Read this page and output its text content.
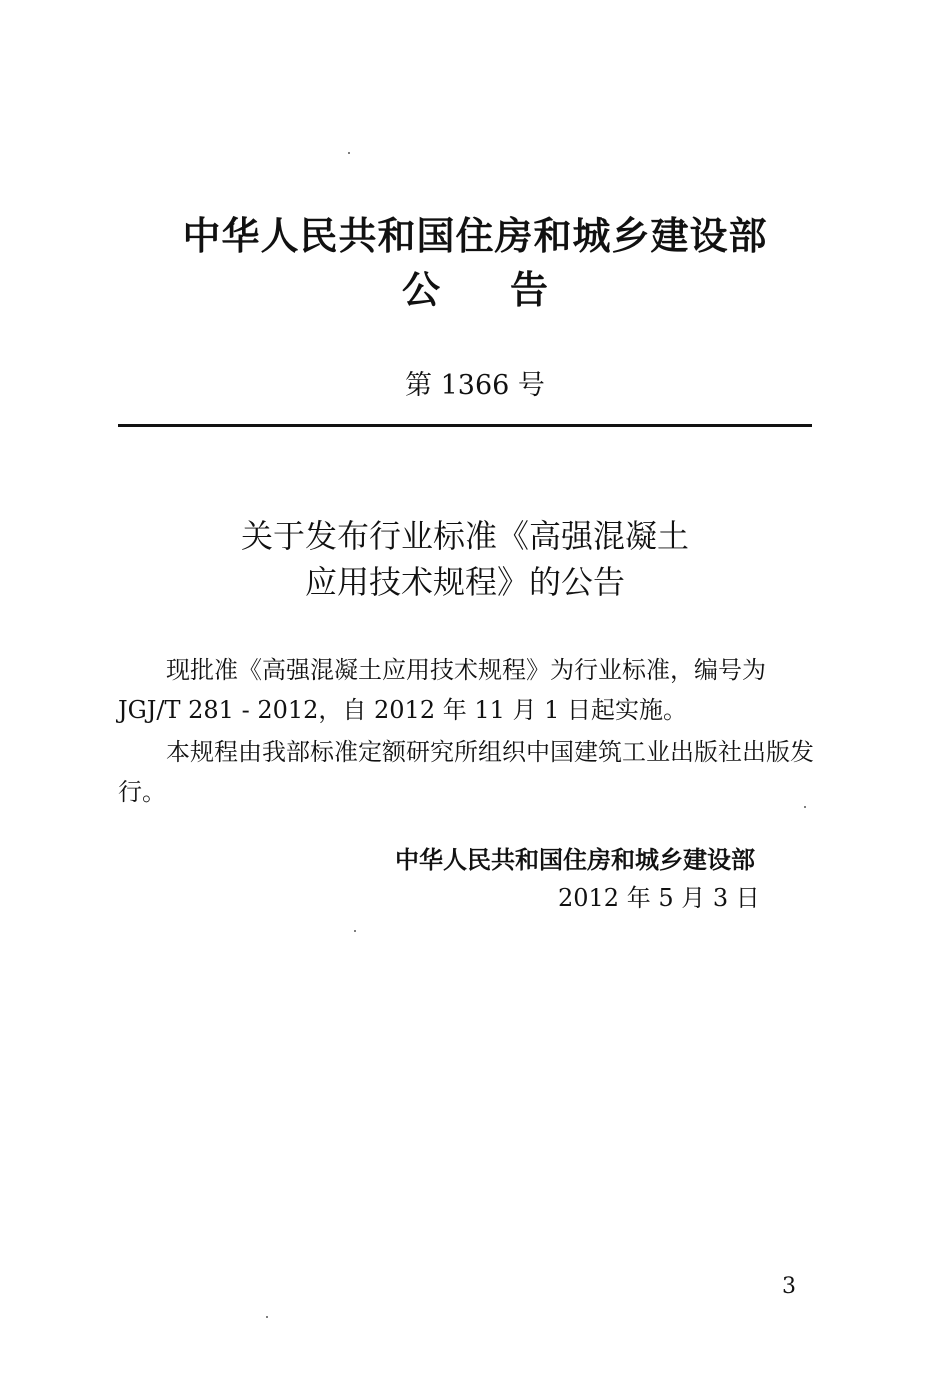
中华人民共和国住房和城乡建设部
公告
第 1366 号
关于发布行业标准《高强混凝土
应用技术规程》的公告
现批准《高强混凝土应用技术规程》为行业标准，编号为 JGJ/T 281 - 2012，自 2012 年 11 月 1 日起实施。
本规程由我部标准定额研究所组织中国建筑工业出版社出版发行。
中华人民共和国住房和城乡建设部
2012 年 5 月 3 日
3
